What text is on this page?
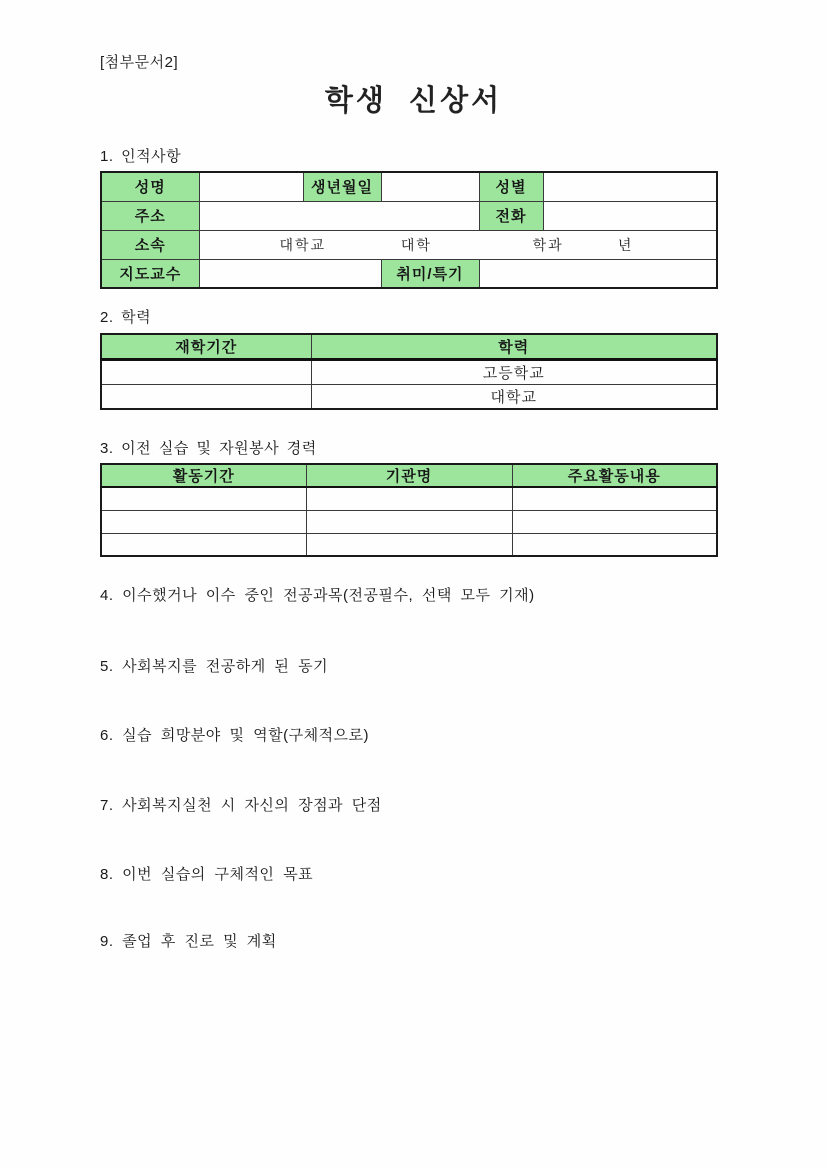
[첨부문서2]
학생  신상서
1. 인적사항
성명		생년월일		성별	
주소				전화	
소속	대학교 대학 학과 년				

지도교수			취미/특기		
2. 학력
재학기간	학력
	고등학교
	대학교
3. 이전 실습 및 자원봉사 경력
활동기간	기관명	주요활동내용

4. 이수했거나 이수 중인 전공과목(전공필수, 선택 모두 기재)
5. 사회복지를 전공하게 된 동기
6. 실습 희망분야 및 역할(구체적으로)
7. 사회복지실천 시 자신의 장점과 단점
8. 이번 실습의 구체적인 목표
9. 졸업 후 진로 및 계획
